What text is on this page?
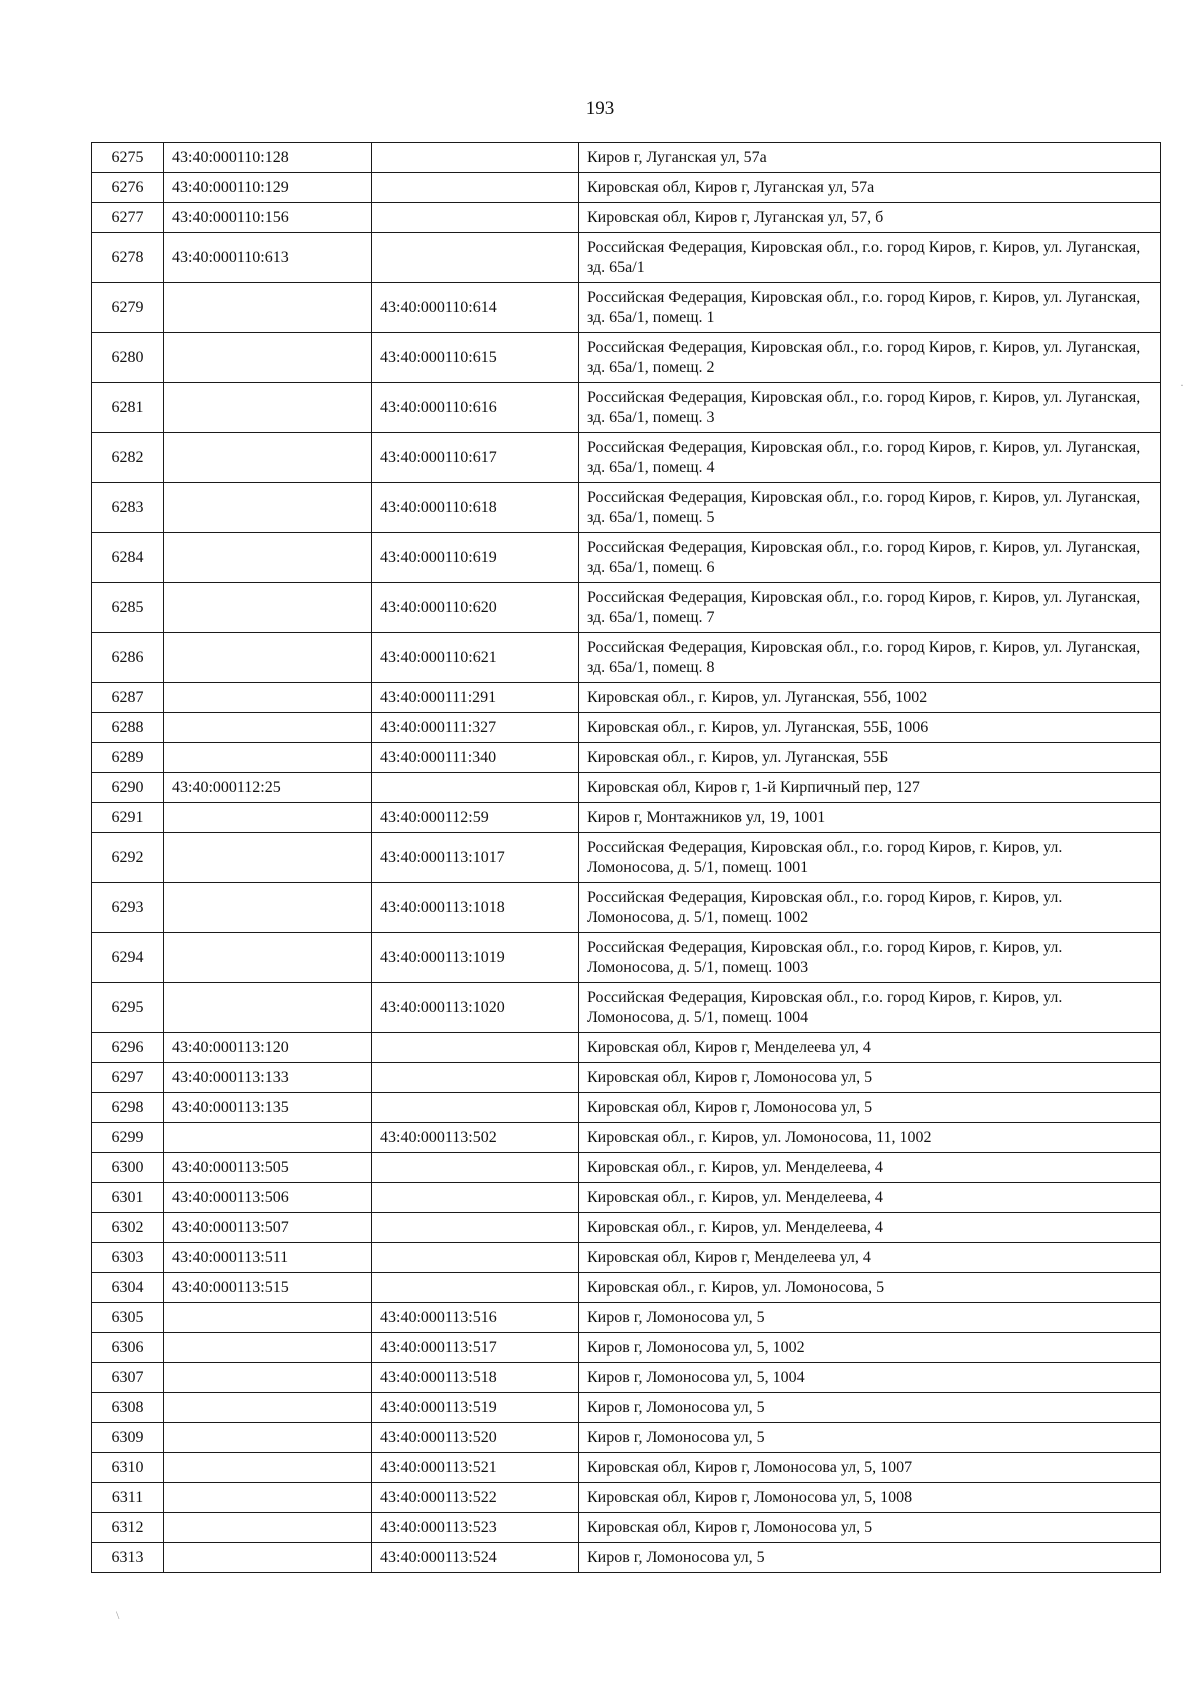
193
6275	43:40:000110:128		Киров г, Луганская ул, 57а
6276	43:40:000110:129		Кировская обл, Киров г, Луганская ул, 57а
6277	43:40:000110:156		Кировская обл, Киров г, Луганская ул, 57, б
6278	43:40:000110:613		Российская Федерация, Кировская обл., г.о. город Киров, г. Киров, ул. Луганская, зд. 65а/1
6279		43:40:000110:614	Российская Федерация, Кировская обл., г.о. город Киров, г. Киров, ул. Луганская, зд. 65а/1, помещ. 1
6280		43:40:000110:615	Российская Федерация, Кировская обл., г.о. город Киров, г. Киров, ул. Луганская, зд. 65а/1, помещ. 2
6281		43:40:000110:616	Российская Федерация, Кировская обл., г.о. город Киров, г. Киров, ул. Луганская, зд. 65а/1, помещ. 3
6282		43:40:000110:617	Российская Федерация, Кировская обл., г.о. город Киров, г. Киров, ул. Луганская, зд. 65а/1, помещ. 4
6283		43:40:000110:618	Российская Федерация, Кировская обл., г.о. город Киров, г. Киров, ул. Луганская, зд. 65а/1, помещ. 5
6284		43:40:000110:619	Российская Федерация, Кировская обл., г.о. город Киров, г. Киров, ул. Луганская, зд. 65а/1, помещ. 6
6285		43:40:000110:620	Российская Федерация, Кировская обл., г.о. город Киров, г. Киров, ул. Луганская, зд. 65а/1, помещ. 7
6286		43:40:000110:621	Российская Федерация, Кировская обл., г.о. город Киров, г. Киров, ул. Луганская, зд. 65а/1, помещ. 8
6287		43:40:000111:291	Кировская обл., г. Киров, ул. Луганская, 55б, 1002
6288		43:40:000111:327	Кировская обл., г. Киров, ул. Луганская, 55Б, 1006
6289		43:40:000111:340	Кировская обл., г. Киров, ул. Луганская, 55Б
6290	43:40:000112:25		Кировская обл, Киров г, 1-й Кирпичный пер, 127
6291		43:40:000112:59	Киров г, Монтажников ул, 19, 1001
6292		43:40:000113:1017	Российская Федерация, Кировская обл., г.о. город Киров, г. Киров, ул. Ломоносова, д. 5/1, помещ. 1001
6293		43:40:000113:1018	Российская Федерация, Кировская обл., г.о. город Киров, г. Киров, ул. Ломоносова, д. 5/1, помещ. 1002
6294		43:40:000113:1019	Российская Федерация, Кировская обл., г.о. город Киров, г. Киров, ул. Ломоносова, д. 5/1, помещ. 1003
6295		43:40:000113:1020	Российская Федерация, Кировская обл., г.о. город Киров, г. Киров, ул. Ломоносова, д. 5/1, помещ. 1004
6296	43:40:000113:120		Кировская обл, Киров г, Менделеева ул, 4
6297	43:40:000113:133		Кировская обл, Киров г, Ломоносова ул, 5
6298	43:40:000113:135		Кировская обл, Киров г, Ломоносова ул, 5
6299		43:40:000113:502	Кировская обл., г. Киров, ул. Ломоносова, 11, 1002
6300	43:40:000113:505		Кировская обл., г. Киров, ул. Менделеева, 4
6301	43:40:000113:506		Кировская обл., г. Киров, ул. Менделеева, 4
6302	43:40:000113:507		Кировская обл., г. Киров, ул. Менделеева, 4
6303	43:40:000113:511		Кировская обл, Киров г, Менделеева ул, 4
6304	43:40:000113:515		Кировская обл., г. Киров, ул. Ломоносова, 5
6305		43:40:000113:516	Киров г, Ломоносова ул, 5
6306		43:40:000113:517	Киров г, Ломоносова ул, 5, 1002
6307		43:40:000113:518	Киров г, Ломоносова ул, 5, 1004
6308		43:40:000113:519	Киров г, Ломоносова ул, 5
6309		43:40:000113:520	Киров г, Ломоносова ул, 5
6310		43:40:000113:521	Кировская обл, Киров г, Ломоносова ул, 5, 1007
6311		43:40:000113:522	Кировская обл, Киров г, Ломоносова ул, 5, 1008
6312		43:40:000113:523	Кировская обл, Киров г, Ломоносова ул, 5
6313		43:40:000113:524	Киров г, Ломоносова ул, 5
\
·
